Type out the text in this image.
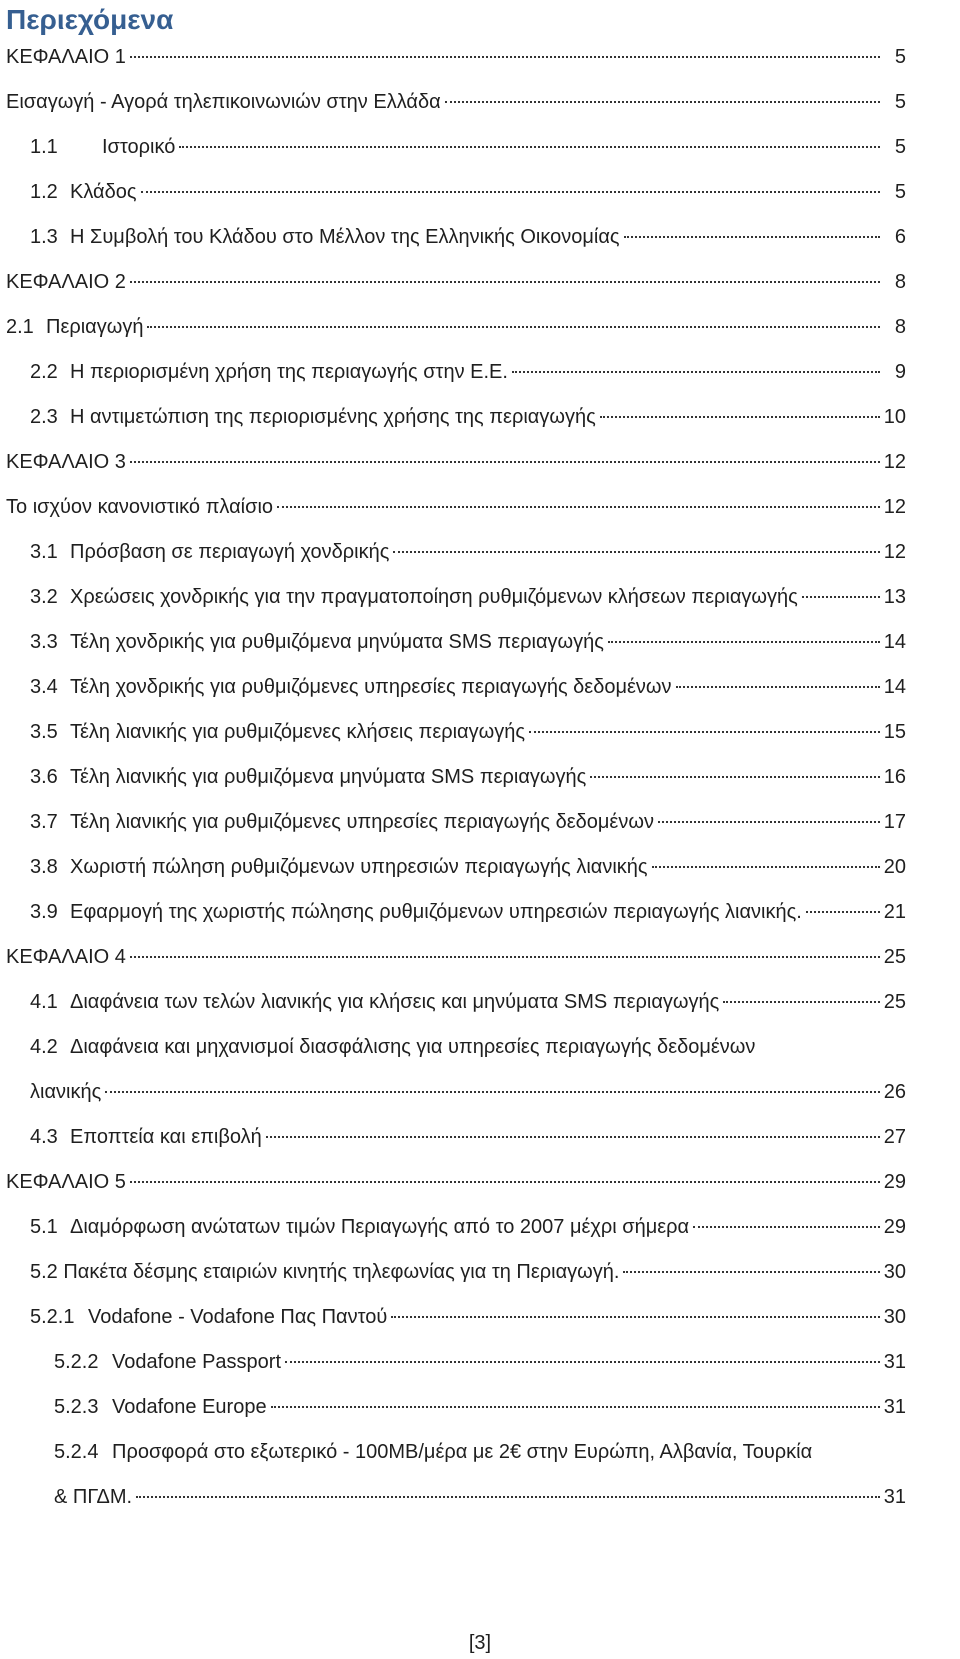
Περιεχόμενα
ΚΕΦΑΛΑΙΟ 1	5
Εισαγωγή - Αγορά τηλεπικοινωνιών στην Ελλάδα	5
1.1	Ιστορικό	5
1.2 Κλάδος	5
1.3 Η Συμβολή του Κλάδου στο Μέλλον της Ελληνικής Οικονομίας	6
ΚΕΦΑΛΑΙΟ 2	8
2.1 Περιαγωγή	8
2.2 Η περιορισμένη χρήση της περιαγωγής στην Ε.Ε.	9
2.3 Η αντιμετώπιση της περιορισμένης χρήσης της περιαγωγής	10
ΚΕΦΑΛΑΙΟ 3	12
Το ισχύον κανονιστικό πλαίσιο	12
3.1 Πρόσβαση σε περιαγωγή χονδρικής	12
3.2 Χρεώσεις χονδρικής για την πραγματοποίηση ρυθμιζόμενων κλήσεων περιαγωγής	13
3.3 Τέλη χονδρικής για ρυθμιζόμενα μηνύματα SMS περιαγωγής	14
3.4 Τέλη χονδρικής για ρυθμιζόμενες υπηρεσίες περιαγωγής δεδομένων	14
3.5 Τέλη λιανικής για ρυθμιζόμενες κλήσεις περιαγωγής	15
3.6 Τέλη λιανικής για ρυθμιζόμενα μηνύματα SMS περιαγωγής	16
3.7 Τέλη λιανικής για ρυθμιζόμενες υπηρεσίες περιαγωγής δεδομένων	17
3.8 Χωριστή πώληση ρυθμιζόμενων υπηρεσιών περιαγωγής λιανικής	20
3.9 Εφαρμογή της χωριστής πώλησης ρυθμιζόμενων υπηρεσιών περιαγωγής λιανικής.	21
ΚΕΦΑΛΑΙΟ 4	25
4.1 Διαφάνεια των τελών λιανικής για κλήσεις και μηνύματα SMS περιαγωγής	25
4.2 Διαφάνεια και μηχανισμοί διασφάλισης για υπηρεσίες περιαγωγής δεδομένων
λιανικής	26
4.3 Εποπτεία και επιβολή	27
ΚΕΦΑΛΑΙΟ 5	29
5.1 Διαμόρφωση ανώτατων τιμών Περιαγωγής από το 2007 μέχρι σήμερα	29
5.2 Πακέτα δέσμης εταιριών κινητής τηλεφωνίας για τη Περιαγωγή.	30
5.2.1 Vodafone - Vodafone Πας Παντού	30
5.2.2 Vodafone Passport	31
5.2.3 Vodafone Europe	31
5.2.4 Προσφορά στο εξωτερικό - 100MB/μέρα με 2€ στην Ευρώπη, Αλβανία, Τουρκία
& ΠΓΔΜ.	31
[3]
